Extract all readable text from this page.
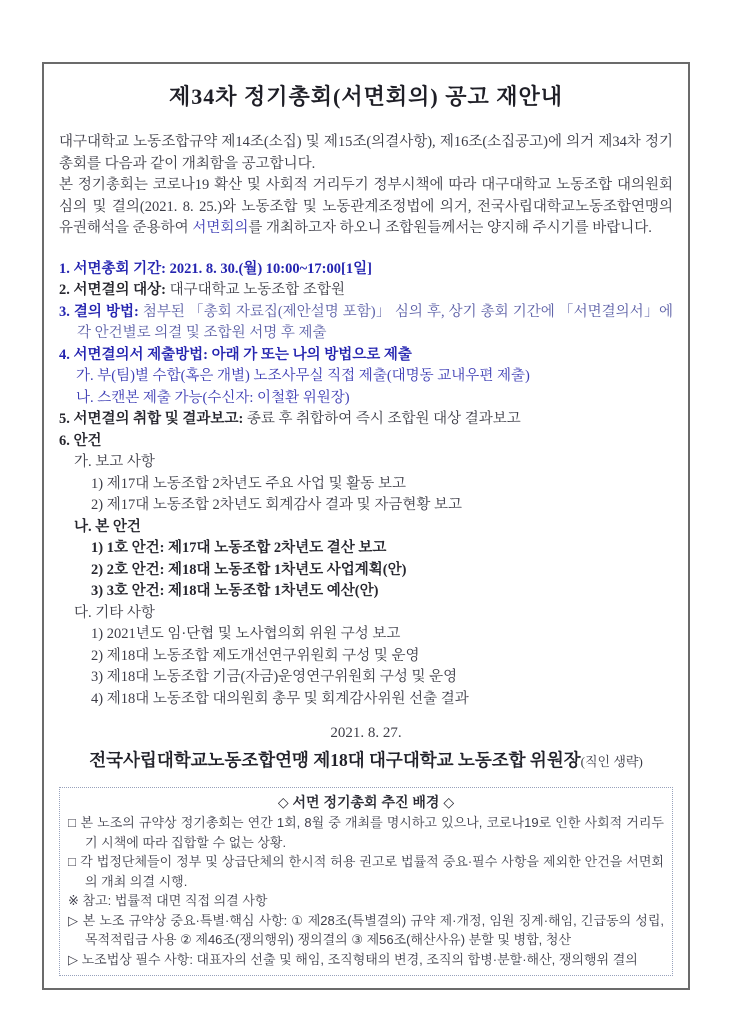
제34차 정기총회(서면회의) 공고 재안내
대구대학교 노동조합규약 제14조(소집) 및 제15조(의결사항), 제16조(소집공고)에 의거 제34차 정기총회를 다음과 같이 개최함을 공고합니다.
본 정기총회는 코로나19 확산 및 사회적 거리두기 정부시책에 따라 대구대학교 노동조합 대의원회 심의 및 결의(2021. 8. 25.)와 노동조합 및 노동관계조정법에 의거, 전국사립대학교노동조합연맹의 유권해석을 준용하여 서면회의를 개최하고자 하오니 조합원들께서는 양지해 주시기를 바랍니다.
1. 서면총회 기간: 2021. 8. 30.(월) 10:00~17:00[1일]
2. 서면결의 대상: 대구대학교 노동조합 조합원
3. 결의 방법: 첨부된 「총회 자료집(제안설명 포함)」 심의 후, 상기 총회 기간에 「서면결의서」에 각 안건별로 의결 및 조합원 서명 후 제출
4. 서면결의서 제출방법: 아래 가 또는 나의 방법으로 제출
가. 부(팀)별 수합(혹은 개별) 노조사무실 직접 제출(대명동 교내우편 제출)
나. 스캔본 제출 가능(수신자: 이철환 위원장)
5. 서면결의 취합 및 결과보고: 종료 후 취합하여 즉시 조합원 대상 결과보고
6. 안건
가. 보고 사항
1) 제17대 노동조합 2차년도 주요 사업 및 활동 보고
2) 제17대 노동조합 2차년도 회계감사 결과 및 자금현황 보고
나. 본 안건
1) 1호 안건: 제17대 노동조합 2차년도 결산 보고
2) 2호 안건: 제18대 노동조합 1차년도 사업계획(안)
3) 3호 안건: 제18대 노동조합 1차년도 예산(안)
다. 기타 사항
1) 2021년도 임·단협 및 노사협의회 위원 구성 보고
2) 제18대 노동조합 제도개선연구위원회 구성 및 운영
3) 제18대 노동조합 기금(자금)운영연구위원회 구성 및 운영
4) 제18대 노동조합 대의원회 총무 및 회계감사위원 선출 결과
2021. 8. 27.
전국사립대학교노동조합연맹 제18대 대구대학교 노동조합 위원장(직인 생략)
◇ 서면 정기총회 추진 배경 ◇
□ 본 노조의 규약상 정기총회는 연간 1회, 8월 중 개최를 명시하고 있으나, 코로나19로 인한 사회적 거리두기 시책에 따라 집합할 수 없는 상황.
□ 각 법정단체들이 정부 및 상급단체의 한시적 허용 권고로 법률적 중요·필수 사항을 제외한 안건을 서면회의 개최 의결 시행.
※ 참고: 법률적 대면 직접 의결 사항
▷ 본 노조 규약상 중요·특별·핵심 사항: ① 제28조(특별결의) 규약 제·개정, 임원 징계·해임, 긴급동의 성립, 목적적립금 사용 ② 제46조(쟁의행위) 쟁의결의 ③ 제56조(해산사유) 분할 및 병합, 청산
▷ 노조법상 필수 사항: 대표자의 선출 및 해임, 조직형태의 변경, 조직의 합병·분할·해산, 쟁의행위 결의
